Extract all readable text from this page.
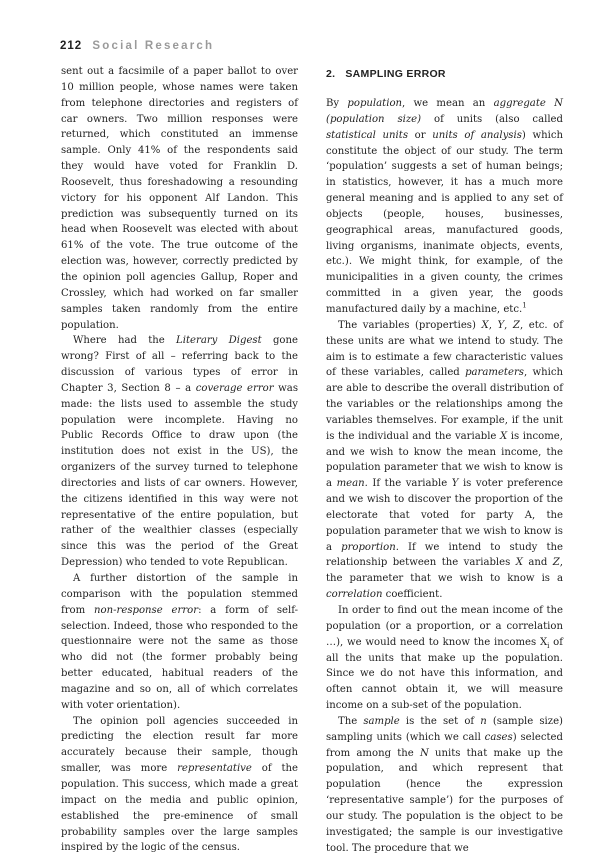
212 Social Research

sent out a facsimile of a paper ballot to over 10 million people, whose names were taken from telephone directories and registers of car owners. Two million responses were returned, which constituted an immense sample. Only 41% of the respondents said they would have voted for Franklin D. Roosevelt, thus foreshadowing a resounding victory for his opponent Alf Landon. This prediction was subsequently turned on its head when Roosevelt was elected with about 61% of the vote. The true outcome of the election was, however, correctly predicted by the opinion poll agencies Gallup, Roper and Crossley, which had worked on far smaller samples taken randomly from the entire population.

Where had the Literary Digest gone wrong? First of all – referring back to the discussion of various types of error in Chapter 3, Section 8 – a coverage error was made: the lists used to assemble the study population were incomplete. Having no Public Records Office to draw upon (the institution does not exist in the US), the organizers of the survey turned to telephone directories and lists of car owners. However, the citizens identified in this way were not representative of the entire population, but rather of the wealthier classes (especially since this was the period of the Great Depression) who tended to vote Republican.

A further distortion of the sample in comparison with the population stemmed from non-response error: a form of self-selection. Indeed, those who responded to the questionnaire were not the same as those who did not (the former probably being better educated, habitual readers of the magazine and so on, all of which correlates with voter orientation).

The opinion poll agencies succeeded in predicting the election result far more accurately because their sample, though smaller, was more representative of the population. This success, which made a great impact on the media and public opinion, established the pre-eminence of small probability samples over the large samples inspired by the logic of the census.

2. SAMPLING ERROR

By population, we mean an aggregate N (population size) of units (also called statistical units or units of analysis) which constitute the object of our study. The term ‘population’ suggests a set of human beings; in statistics, however, it has a much more general meaning and is applied to any set of objects (people, houses, businesses, geographical areas, manufactured goods, living organisms, inanimate objects, events, etc.). We might think, for example, of the municipalities in a given county, the crimes committed in a given year, the goods manufactured daily by a machine, etc.$^1$

The variables (properties) X, Y, Z, etc. of these units are what we intend to study. The aim is to estimate a few characteristic values of these variables, called parameters, which are able to describe the overall distribution of the variables or the relationships among the variables themselves. For example, if the unit is the individual and the variable X is income, and we wish to know the mean income, the population parameter that we wish to know is a mean. If the variable Y is voter preference and we wish to discover the proportion of the electorate that voted for party A, the population parameter that we wish to know is a proportion. If we intend to study the relationship between the variables X and Z, the parameter that we wish to know is a correlation coefficient.

In order to find out the mean income of the population (or a proportion, or a correlation …), we would need to know the incomes $X_i$ of all the units that make up the population. Since we do not have this information, and often cannot obtain it, we will measure income on a sub-set of the population.

The sample is the set of n (sample size) sampling units (which we call cases) selected from among the N units that make up the population, and which represent that population (hence the expression ‘representative sample’) for the purposes of our study. The population is the object to be investigated; the sample is our investigative tool. The procedure that we
